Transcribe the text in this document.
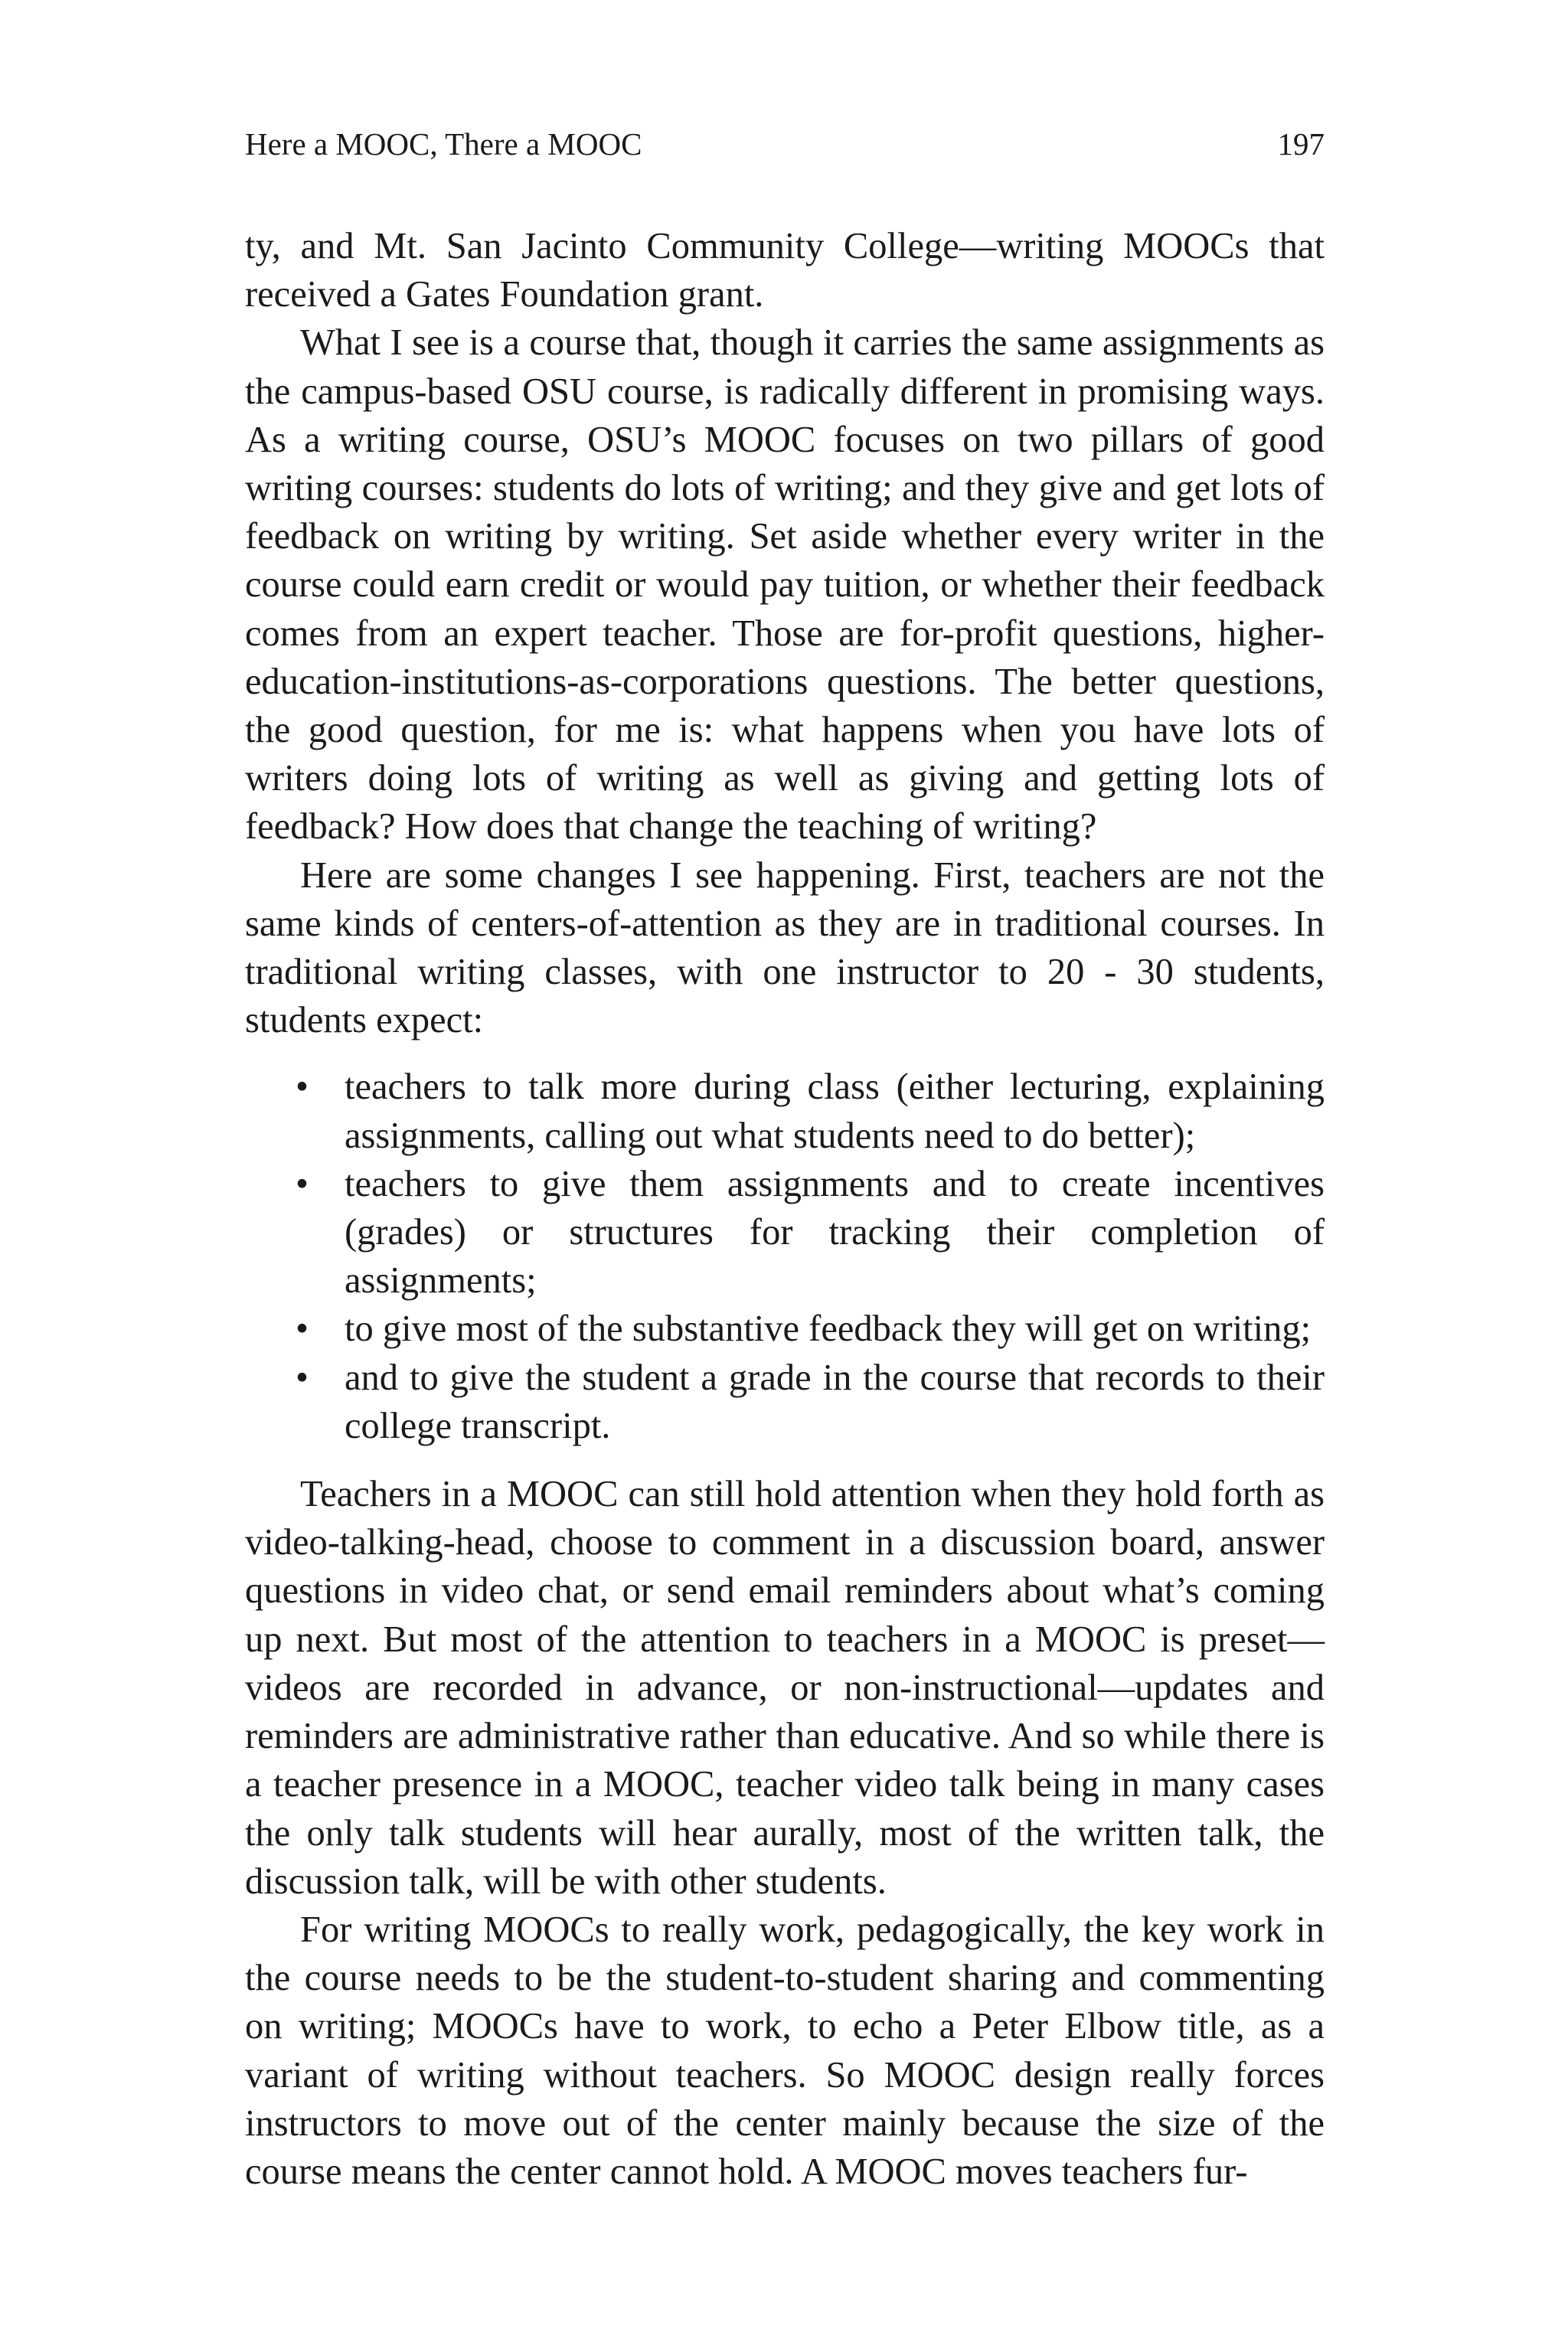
Here a MOOC, There a MOOC	197

ty, and Mt. San Jacinto Community College—writing MOOCs that received a Gates Foundation grant.

What I see is a course that, though it carries the same assignments as the campus-based OSU course, is radically different in promising ways. As a writing course, OSU’s MOOC focuses on two pillars of good writing courses: students do lots of writing; and they give and get lots of feedback on writing by writing. Set aside whether every writer in the course could earn credit or would pay tuition, or whether their feedback comes from an expert teacher. Those are for-profit questions, higher-education-institutions-as-corporations questions. The better questions, the good question, for me is: what happens when you have lots of writers doing lots of writing as well as giving and getting lots of feedback? How does that change the teaching of writing?

Here are some changes I see happening. First, teachers are not the same kinds of centers-of-attention as they are in traditional courses. In traditional writing classes, with one instructor to 20 - 30 students, students expect:

• teachers to talk more during class (either lecturing, explaining assignments, calling out what students need to do better);
• teachers to give them assignments and to create incentives (grades) or structures for tracking their completion of assignments;
• to give most of the substantive feedback they will get on writing;
• and to give the student a grade in the course that records to their college transcript.

Teachers in a MOOC can still hold attention when they hold forth as video-talking-head, choose to comment in a discussion board, answer questions in video chat, or send email reminders about what’s coming up next. But most of the attention to teachers in a MOOC is preset—videos are recorded in advance, or non-instructional—updates and reminders are administrative rather than educative. And so while there is a teacher presence in a MOOC, teacher video talk being in many cases the only talk students will hear aurally, most of the written talk, the discussion talk, will be with other students.

For writing MOOCs to really work, pedagogically, the key work in the course needs to be the student-to-student sharing and commenting on writing; MOOCs have to work, to echo a Peter Elbow title, as a variant of writing without teachers. So MOOC design really forces instructors to move out of the center mainly because the size of the course means the center cannot hold. A MOOC moves teachers fur-
